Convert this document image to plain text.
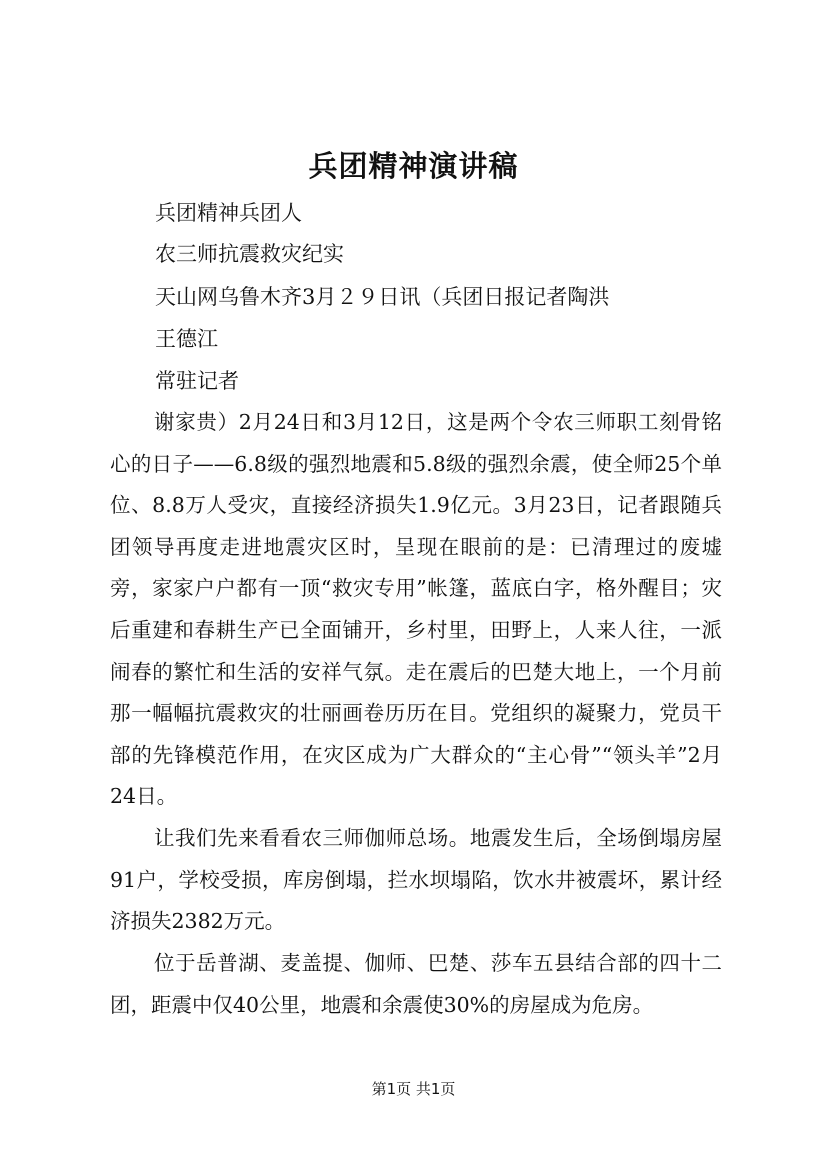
兵团精神演讲稿
兵团精神兵团人
农三师抗震救灾纪实
天山网乌鲁木齐3月２９日讯（兵团日报记者陶洪
王德江
常驻记者

谢家贵）2月24日和3月12日，这是两个令农三师职工刻骨铭心的日子——6.8级的强烈地震和5.8级的强烈余震，使全师25个单位、8.8万人受灾，直接经济损失1.9亿元。3月23日，记者跟随兵团领导再度走进地震灾区时，呈现在眼前的是：已清理过的废墟旁，家家户户都有一顶“救灾专用”帐篷，蓝底白字，格外醒目；灾后重建和春耕生产已全面铺开，乡村里，田野上，人来人往，一派闹春的繁忙和生活的安祥气氛。走在震后的巴楚大地上，一个月前那一幅幅抗震救灾的壮丽画卷历历在目。党组织的凝聚力，党员干部的先锋模范作用，在灾区成为广大群众的“主心骨”“领头羊”2月24日。

让我们先来看看农三师伽师总场。地震发生后，全场倒塌房屋91户，学校受损，库房倒塌，拦水坝塌陷，饮水井被震坏，累计经济损失2382万元。

位于岳普湖、麦盖提、伽师、巴楚、莎车五县结合部的四十二团，距震中仅40公里，地震和余震使30%的房屋成为危房。

第1页 共1页
